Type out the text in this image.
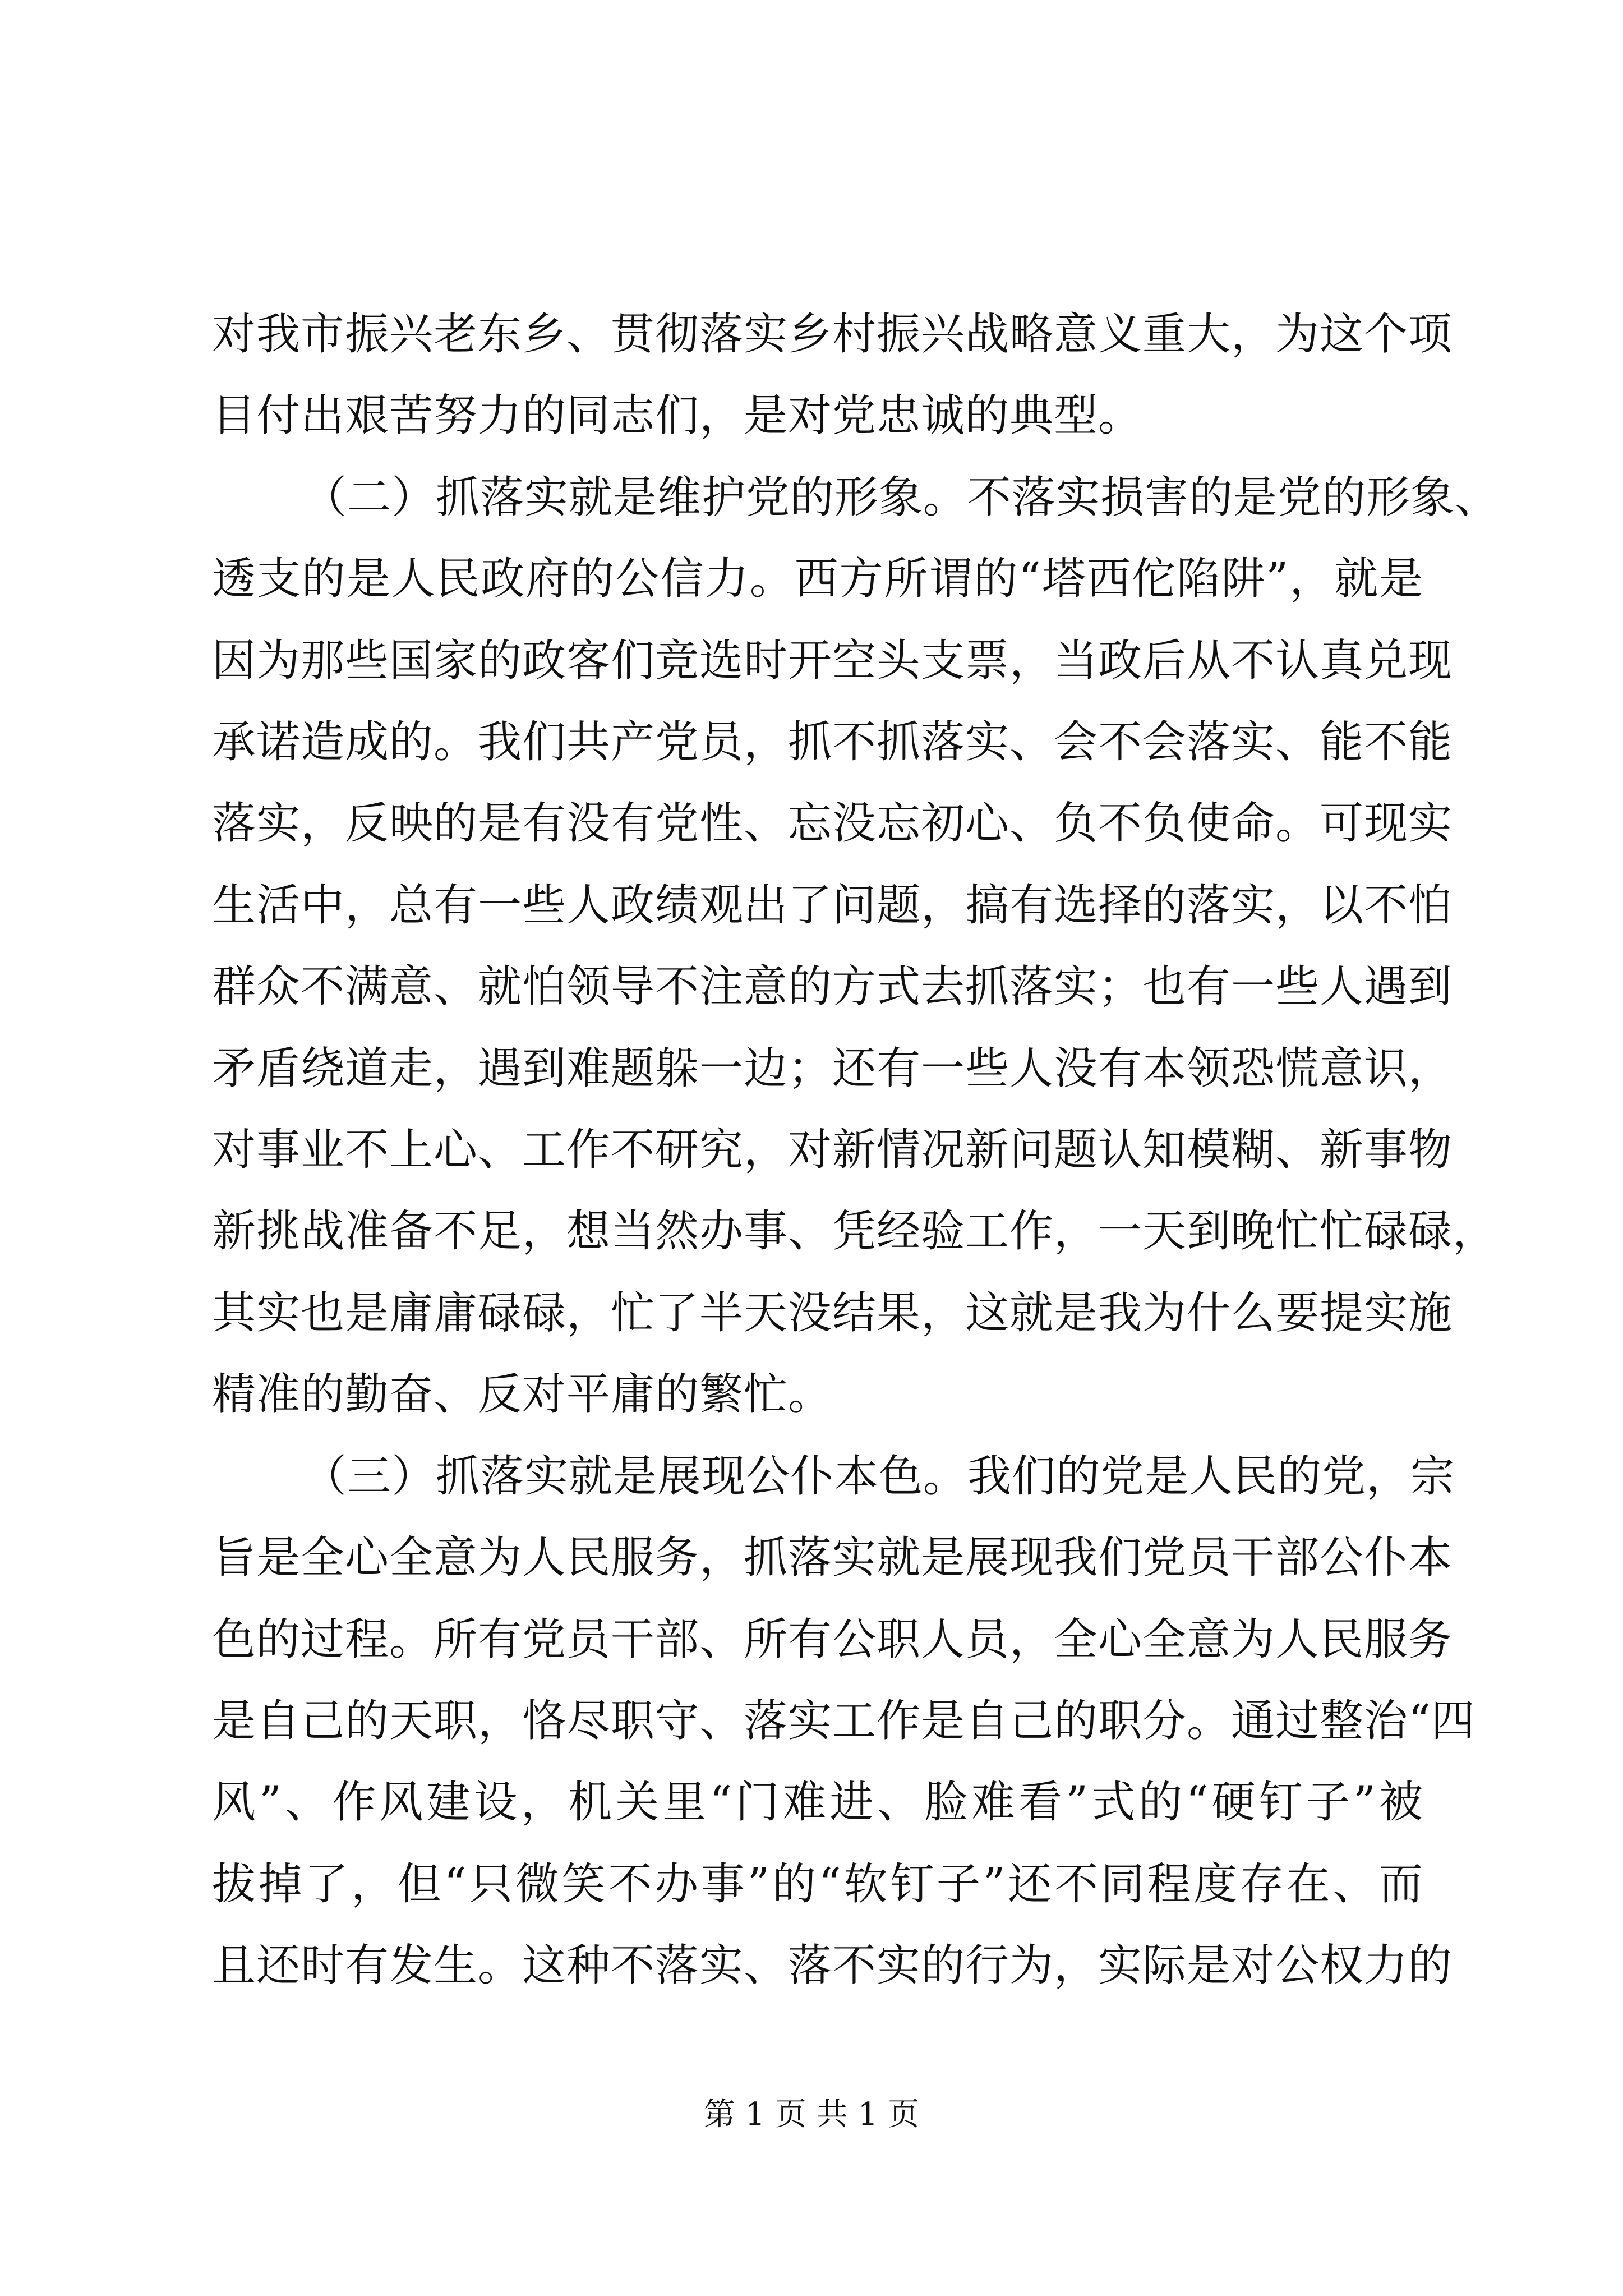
对我市振兴老东乡、贯彻落实乡村振兴战略意义重大，为这个项
目付出艰苦努力的同志们，是对党忠诚的典型。
（二）抓落实就是维护党的形象。不落实损害的是党的形象、
透支的是人民政府的公信力。西方所谓的“塔西佗陷阱”，就是
因为那些国家的政客们竞选时开空头支票，当政后从不认真兑现
承诺造成的。我们共产党员，抓不抓落实、会不会落实、能不能
落实，反映的是有没有党性、忘没忘初心、负不负使命。可现实
生活中，总有一些人政绩观出了问题，搞有选择的落实，以不怕
群众不满意、就怕领导不注意的方式去抓落实；也有一些人遇到
矛盾绕道走，遇到难题躲一边；还有一些人没有本领恐慌意识，
对事业不上心、工作不研究，对新情况新问题认知模糊、新事物
新挑战准备不足，想当然办事、凭经验工作，一天到晚忙忙碌碌，
其实也是庸庸碌碌，忙了半天没结果，这就是我为什么要提实施
精准的勤奋、反对平庸的繁忙。
（三）抓落实就是展现公仆本色。我们的党是人民的党，宗
旨是全心全意为人民服务，抓落实就是展现我们党员干部公仆本
色的过程。所有党员干部、所有公职人员，全心全意为人民服务
是自己的天职，恪尽职守、落实工作是自己的职分。通过整治“四
风”、作风建设，机关里“门难进、脸难看”式的“硬钉子”被
拔掉了，但“只微笑不办事”的“软钉子”还不同程度存在、而
且还时有发生。这种不落实、落不实的行为，实际是对公权力的
第 1 页 共 1 页
